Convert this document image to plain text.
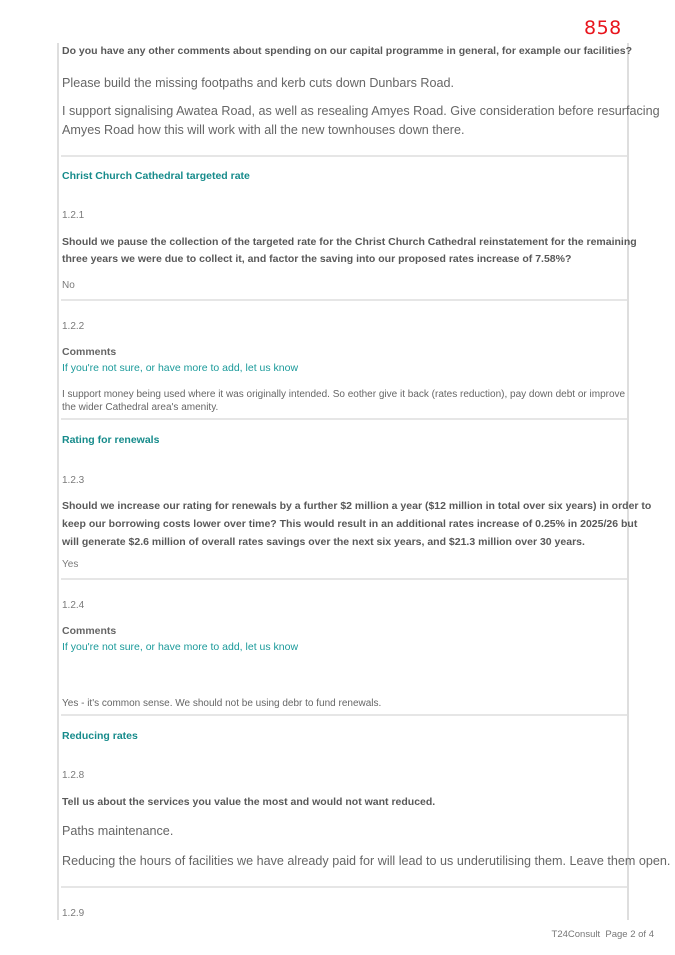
858
Do you have any other comments about spending on our capital programme in general, for example our facilities?
Please build the missing footpaths and kerb cuts down Dunbars Road.
I support signalising Awatea Road, as well as resealing Amyes Road. Give consideration before resurfacing
Amyes Road how this will work with all the new townhouses down there.
Christ Church Cathedral targeted rate
1.2.1
Should we pause the collection of the targeted rate for the Christ Church Cathedral reinstatement for the remaining
three years we were due to collect it, and factor the saving into our proposed rates increase of 7.58%?
No
1.2.2
Comments
If you're not sure, or have more to add, let us know
I support money being used where it was originally intended. So eother give it back (rates reduction), pay down debt or improve
the wider Cathedral area's amenity.
Rating for renewals
1.2.3
Should we increase our rating for renewals by a further $2 million a year ($12 million in total over six years) in order to
keep our borrowing costs lower over time? This would result in an additional rates increase of 0.25% in 2025/26 but
will generate $2.6 million of overall rates savings over the next six years, and $21.3 million over 30 years.
Yes
1.2.4
Comments
If you're not sure, or have more to add, let us know
Yes - it's common sense. We should not be using debr to fund renewals.
Reducing rates
1.2.8
Tell us about the services you value the most and would not want reduced.
Paths maintenance.
Reducing the hours of facilities we have already paid for will lead to us underutilising them. Leave them open.
1.2.9
T24Consult Page 2 of 4
